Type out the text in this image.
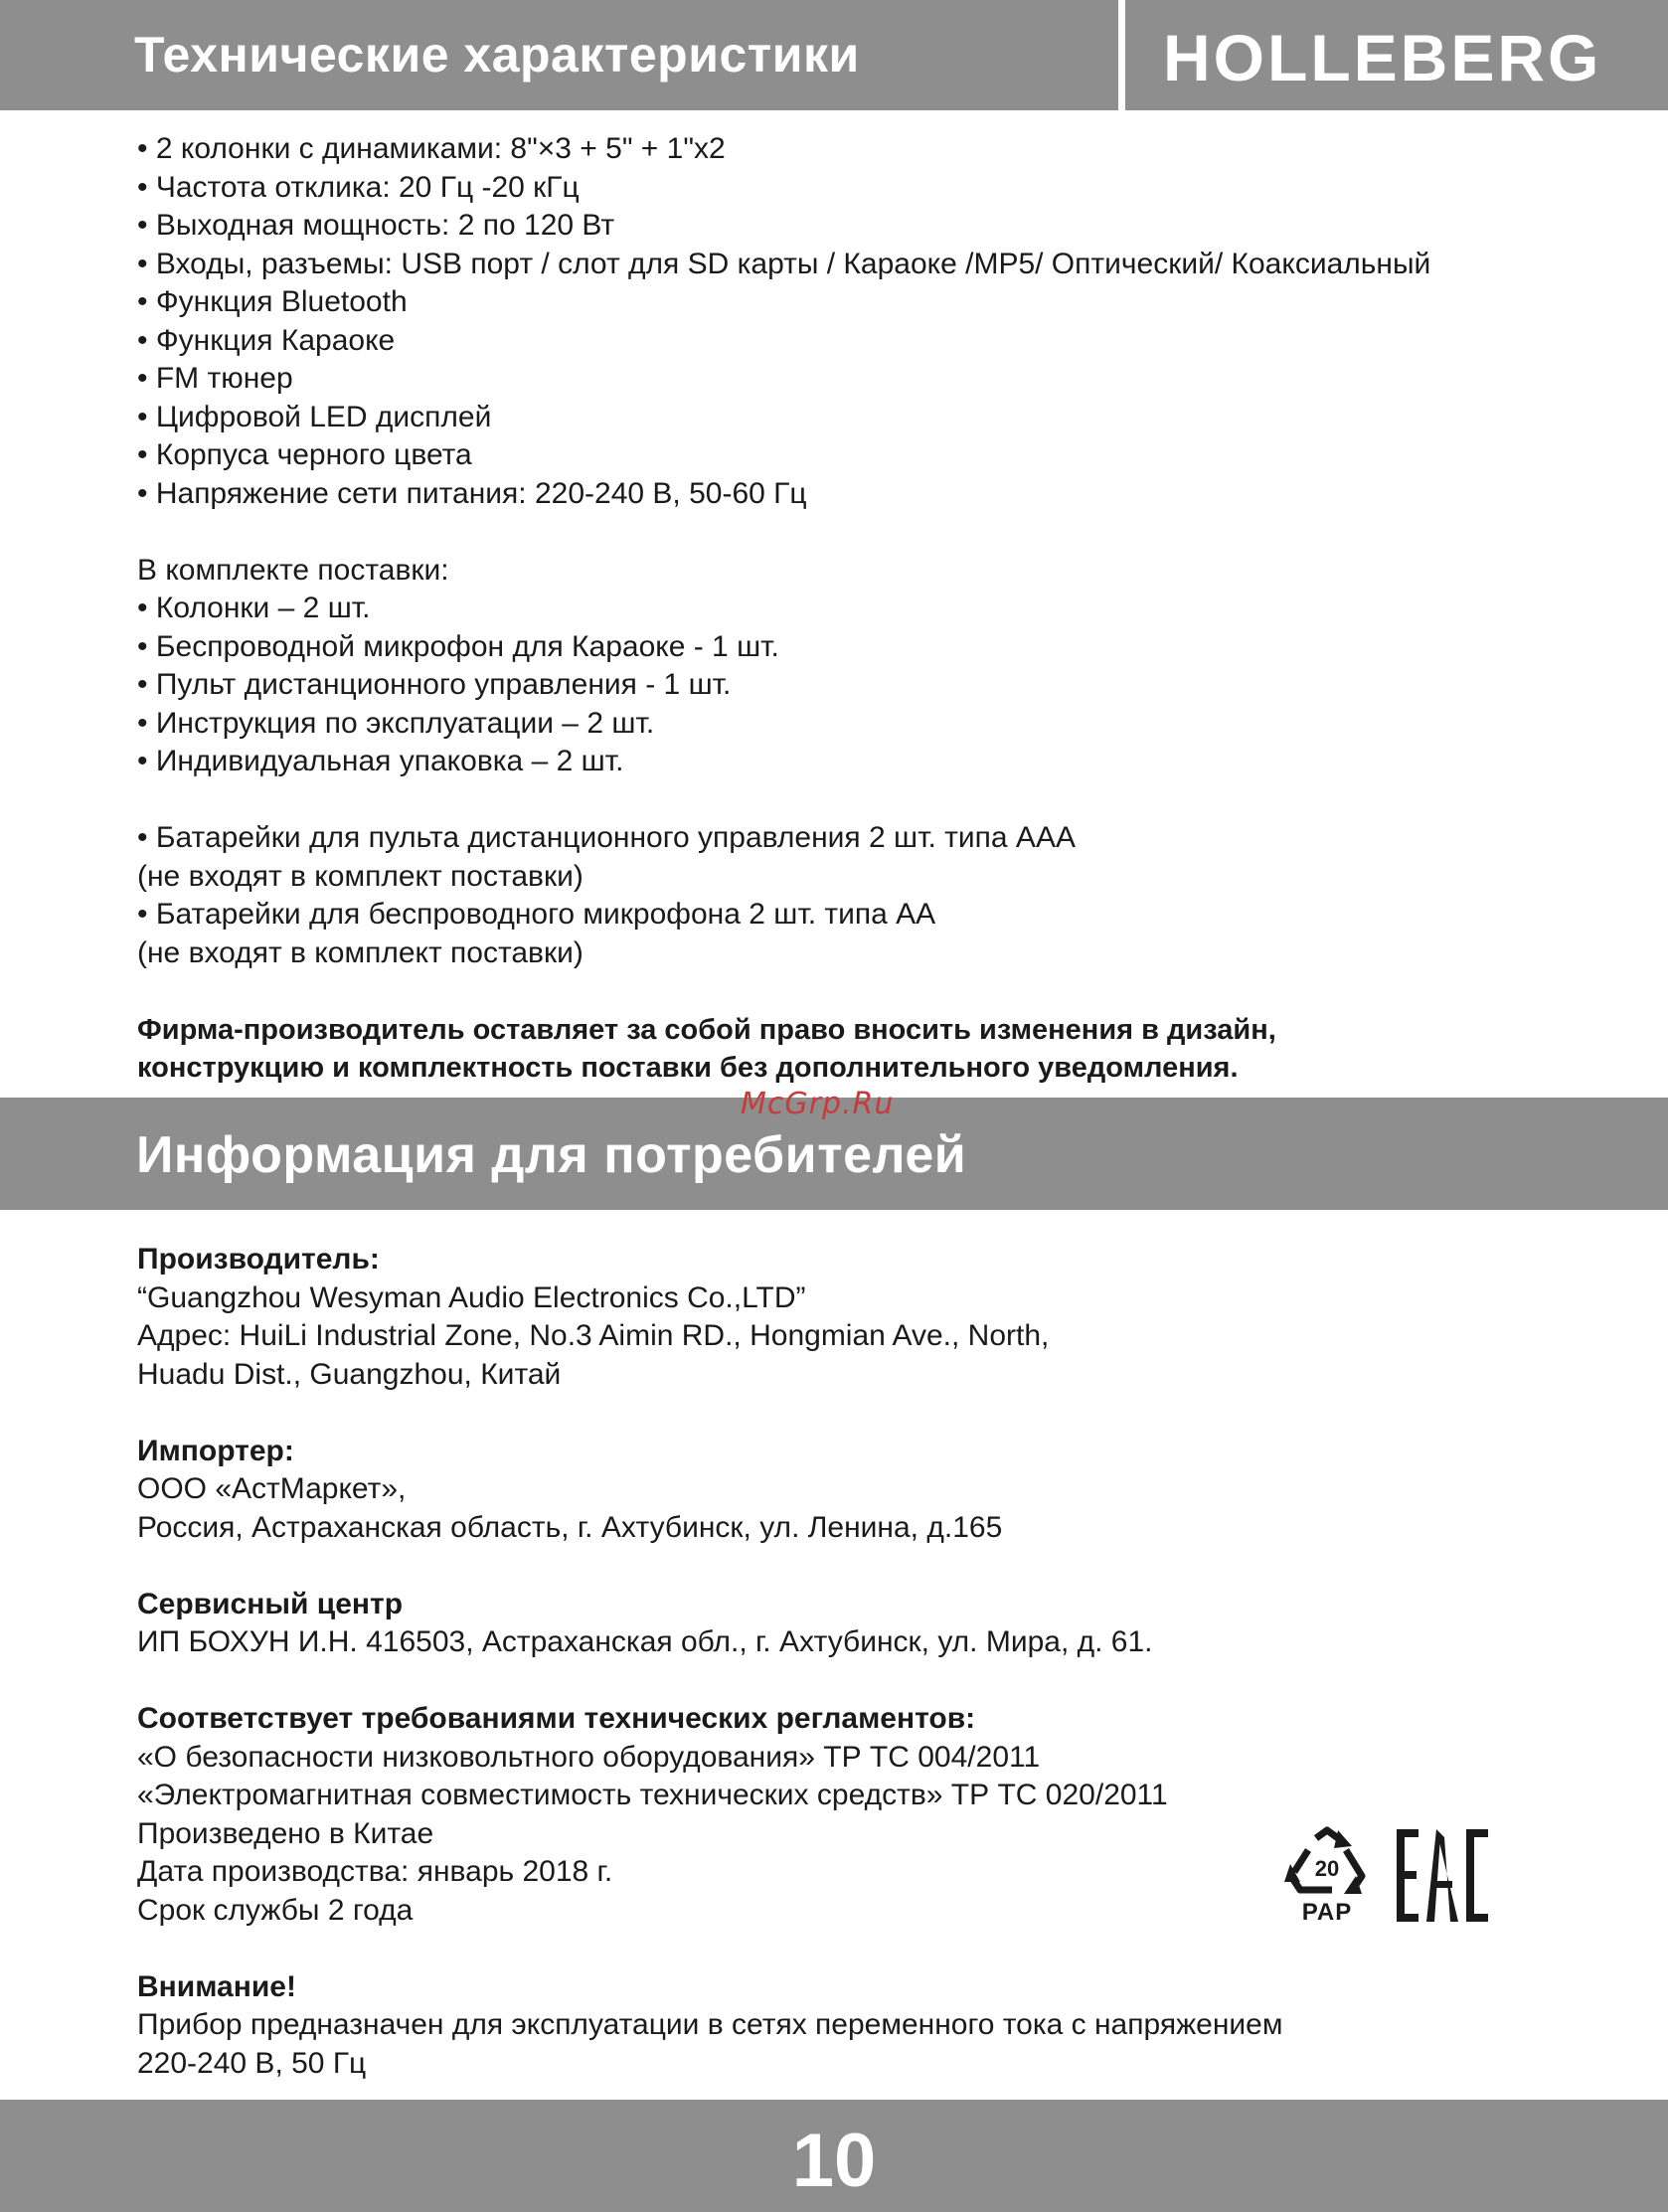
Технические характеристики	HOLLEBERG
• 2 колонки с динамиками: 8"×3 + 5" + 1"x2
• Частота отклика: 20 Гц -20 кГц
• Выходная мощность: 2 по 120 Вт
• Входы, разъемы: USB порт / слот для SD карты / Караоке /MP5/ Оптический/ Коаксиальный
• Функция Bluetooth
• Функция Караоке
• FM тюнер
• Цифровой LED дисплей
• Корпуса черного цвета
• Напряжение сети питания: 220-240 В, 50-60 Гц
В комплекте поставки:
• Колонки – 2 шт.
• Беспроводной микрофон для Караоке - 1 шт.
• Пульт дистанционного управления - 1 шт.
• Инструкция по эксплуатации – 2 шт.
• Индивидуальная упаковка – 2 шт.
• Батарейки для пульта дистанционного управления 2 шт. типа AAA
(не входят в комплект поставки)
• Батарейки для беспроводного микрофона 2 шт. типа АА
(не входят в комплект поставки)
Фирма-производитель оставляет за собой право вносить изменения в дизайн,
конструкцию и комплектность поставки без дополнительного уведомления.
Информация для потребителей
McGrp.Ru
Производитель:
“Guangzhou Wesyman Audio Electronics Co.,LTD”
Адрес: HuiLi Industrial Zone, No.3 Aimin RD., Hongmian Ave., North,
Huadu Dist., Guangzhou, Китай
Импортер:
ООО «АстМаркет»,
Россия, Астраханская область, г. Ахтубинск, ул. Ленина, д.165
Сервисный центр
ИП БОХУН И.Н. 416503, Астраханская обл., г. Ахтубинск, ул. Мира, д. 61.
Соответствует требованиями технических регламентов:
«О безопасности низковольтного оборудования» ТР ТС 004/2011
«Электромагнитная совместимость технических средств» ТР ТС 020/2011
Произведено в Китае
Дата производства: январь 2018 г.
Срок службы 2 года
Внимание!
Прибор предназначен для эксплуатации в сетях переменного тока с напряжением
220-240 В, 50 Гц
20
PAP
10
